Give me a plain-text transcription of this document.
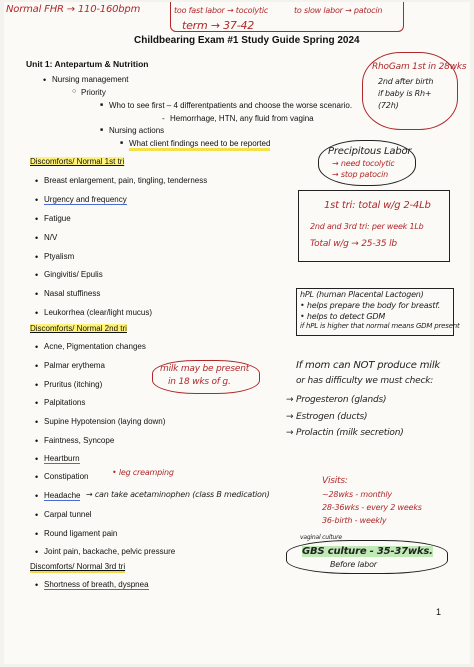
Normal FHR → 110-160bpm	too fast labor → tocolytic	to slow labor → patocin
term → 37-42
Childbearing Exam #1 Study Guide Spring 2024
Unit 1: Antepartum & Nutrition
• Nursing management
○ Priority
■ Who to see first – 4 differentpatients and choose the worse scenario.
Hemorrhage, HTN, any fluid from vagina
-
■ Nursing actions
■ What client findings need to be reported
RhoGam 1st in 28wks
2nd after birth
if baby is Rh+
(72h)
Precipitous Labor
→ need tocolytic
→ stop patocin
Discomforts/ Normal 1st tri
• Breast enlargement, pain, tingling, tenderness
• Urgency and frequency
• Fatigue
• N/V
• Ptyalism
• Gingivitis/ Epulis
• Nasal stuffiness
• Leukorrhea (clear/light mucus)
1st tri: total w/g 2-4Lb
2nd and 3rd tri: per week 1Lb
Total w/g → 25-35 lb
hPL (human Placental Lactogen)
• helps prepare the body for breastf.
• helps to detect GDM
if hPL is higher that normal means GDM present
Discomforts/ Normal 2nd tri
• Acne, Pigmentation changes
• Palmar erythema
• Pruritus (itching)
• Palpitations
• Supine Hypotension (laying down)
• Faintness, Syncope
• Heartburn
• Constipation
• Headache
• Carpal tunnel
• Round ligament pain
• Joint pain, backache, pelvic pressure
• leg creamping
→ can take acetaminophen (class B medication)
milk may be present
in 18 wks of g.
If mom can NOT produce milk
or has difficulty we must check:
→ Progesteron (glands)
→ Estrogen (ducts)
→ Prolactin (milk secretion)
Visits:
~28wks - monthly
28-36wks - every 2 weeks
36-birth - weekly
vaginal culture
GBS culture - 35-37wks.
Before labor
Discomforts/ Normal 3rd tri
• Shortness of breath, dyspnea
1
